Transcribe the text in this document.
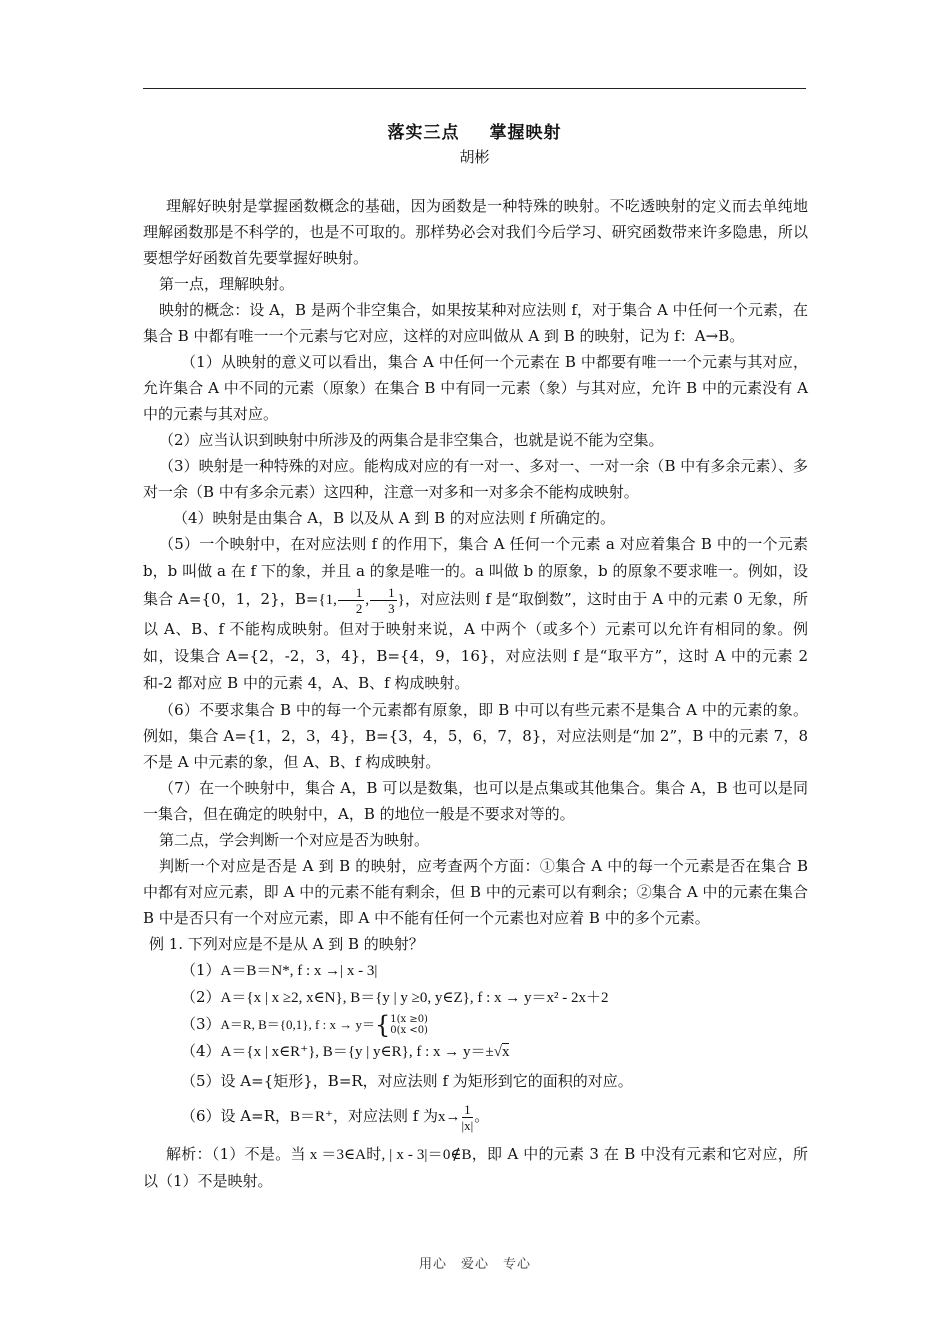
落实三点 掌握映射
胡彬

理解好映射是掌握函数概念的基础，因为函数是一种特殊的映射。不吃透映射的定义而去单纯地理解函数那是不科学的，也是不可取的。那样势必会对我们今后学习、研究函数带来许多隐患，所以要想学好函数首先要掌握好映射。

第一点，理解映射。

映射的概念：设 A，B 是两个非空集合，如果按某种对应法则 f，对于集合 A 中任何一个元素，在集合 B 中都有唯一一个元素与它对应，这样的对应叫做从 A 到 B 的映射，记为 f：A→B。

（1）从映射的意义可以看出，集合 A 中任何一个元素在 B 中都要有唯一一个元素与其对应，允许集合 A 中不同的元素（原象）在集合 B 中有同一元素（象）与其对应，允许 B 中的元素没有 A 中的元素与其对应。

（2）应当认识到映射中所涉及的两集合是非空集合，也就是说不能为空集。

（3）映射是一种特殊的对应。能构成对应的有一对一、多对一、一对一余（B 中有多余元素）、多对一余（B 中有多余元素）这四种，注意一对多和一对多余不能构成映射。

（4）映射是由集合 A，B 以及从 A 到 B 的对应法则 f 所确定的。

（5）一个映射中，在对应法则 f 的作用下，集合 A 任何一个元素 a 对应着集合 B 中的一个元素 b，b 叫做 a 在 f 下的象，并且 a 的象是唯一的。a 叫做 b 的原象，b 的原象不要求唯一。例如，设集合 A={0，1，2}，B={1, $\frac{1}{2}$ , $\frac{1}{3}$ }，对应法则 f 是“取倒数”，这时由于 A 中的元素 0 无象，所以 A、B、f 不能构成映射。但对于映射来说，A 中两个（或多个）元素可以允许有相同的象。例如，设集合 A={2，-2，3，4}，B={4，9，16}，对应法则 f 是“取平方”，这时 A 中的元素 2 和-2 都对应 B 中的元素 4，A、B、f 构成映射。

（6）不要求集合 B 中的每一个元素都有原象，即 B 中可以有些元素不是集合 A 中的元素的象。例如，集合 A={1，2，3，4}，B={3，4，5，6，7，8}，对应法则是“加 2”，B 中的元素 7，8 不是 A 中元素的象，但 A、B、f 构成映射。

（7）在一个映射中，集合 A，B 可以是数集，也可以是点集或其他集合。集合 A，B 也可以是同一集合，但在确定的映射中，A，B 的地位一般是不要求对等的。

第二点，学会判断一个对应是否为映射。

判断一个对应是否是 A 到 B 的映射，应考查两个方面：①集合 A 中的每一个元素是否在集合 B 中都有对应元素，即 A 中的元素不能有剩余，但 B 中的元素可以有剩余；②集合 A 中的元素在集合 B 中是否只有一个对应元素，即 A 中不能有任何一个元素也对应着 B 中的多个元素。

例 1. 下列对应是不是从 A 到 B 的映射？

（1）A＝B＝N*, f : x →| x - 3|

（2）A＝{x | x ≥2, x∈N}, B＝{y | y ≥0, y∈Z}, f : x → y＝x² - 2x＋2

（3）A＝R, B＝{0,1}, f : x → y＝{1(x ≥0)
0(x <0)

（4）A＝{x | x∈R⁺}, B＝{y | y∈R}, f : x → y＝±√x

（5）设 A={矩形}，B=R，对应法则 f 为矩形到它的面积的对应。

（6）设 A=R，B＝R⁺，对应法则 f 为$x\to \frac{1}{|x|}$ 。

解析：（1）不是。当 x ＝3∈A时, | x - 3|＝0∉B，即 A 中的元素 3 在 B 中没有元素和它对应，所以（1）不是映射。

用心　爱心　专心
